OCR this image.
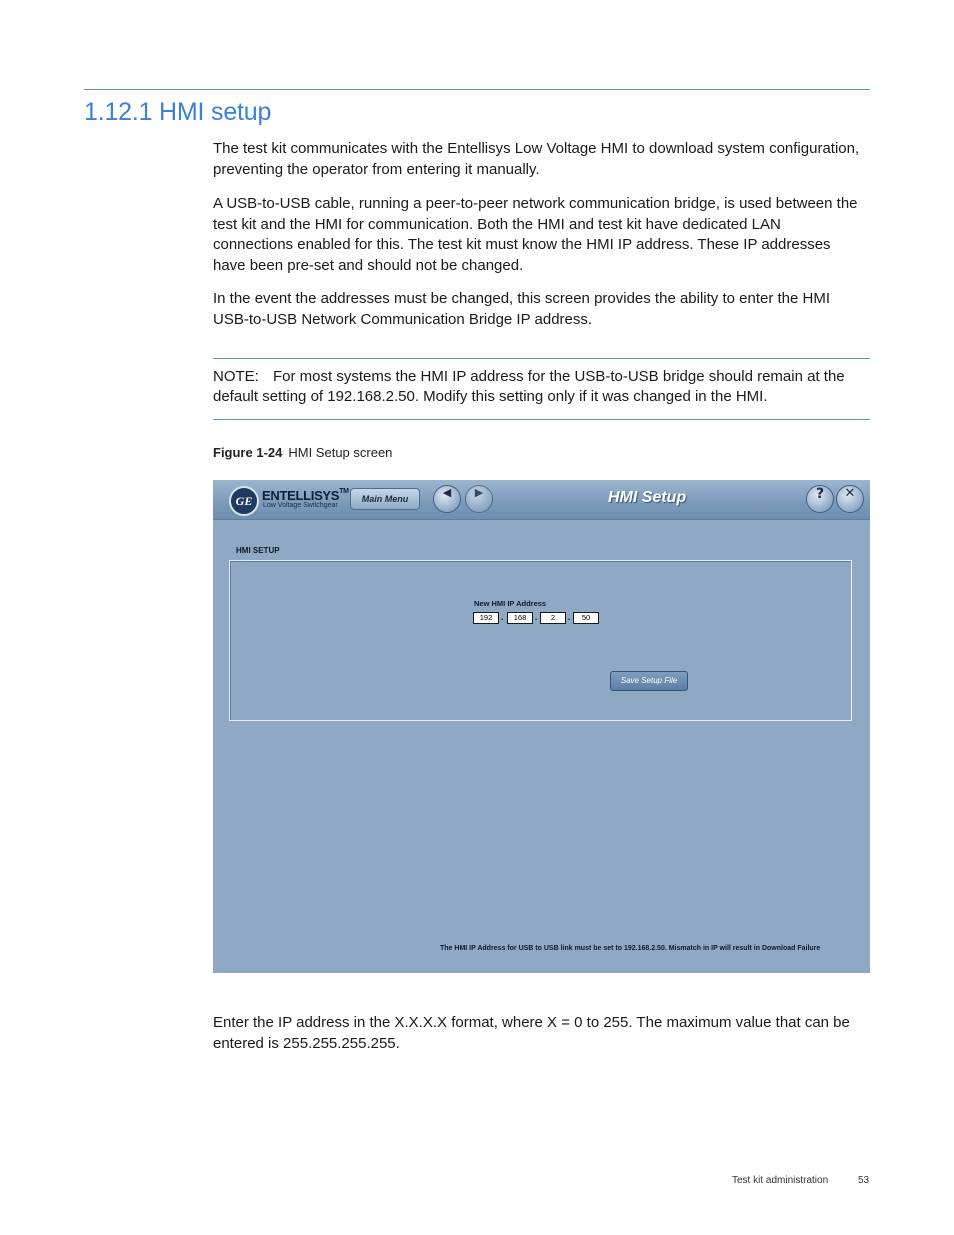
1.12.1 HMI setup
The test kit communicates with the Entellisys Low Voltage HMI to download system configuration, preventing the operator from entering it manually.
A USB-to-USB cable, running a peer-to-peer network communication bridge, is used between the test kit and the HMI for communication. Both the HMI and test kit have dedicated LAN connections enabled for this. The test kit must know the HMI IP address. These IP addresses have been pre-set and should not be changed.
In the event the addresses must be changed, this screen provides the ability to enter the HMI USB-to-USB Network Communication Bridge IP address.
NOTE: For most systems the HMI IP address for the USB-to-USB bridge should remain at the default setting of 192.168.2.50. Modify this setting only if it was changed in the HMI.
Figure 1-24 HMI Setup screen
GE ENTELLISYS™
Low Voltage Switchgear
Main Menu	◀	▶	HMI Setup	?	✕
HMI SETUP
New HMI IP Address
192	.	168	.	2	.	50
Save Setup File
The HMI IP Address for USB to USB link must be set to 192.168.2.50. Mismatch in IP will result in Download Failure
Enter the IP address in the X.X.X.X format, where X = 0 to 255. The maximum value that can be entered is 255.255.255.255.
Test kit administration	53
